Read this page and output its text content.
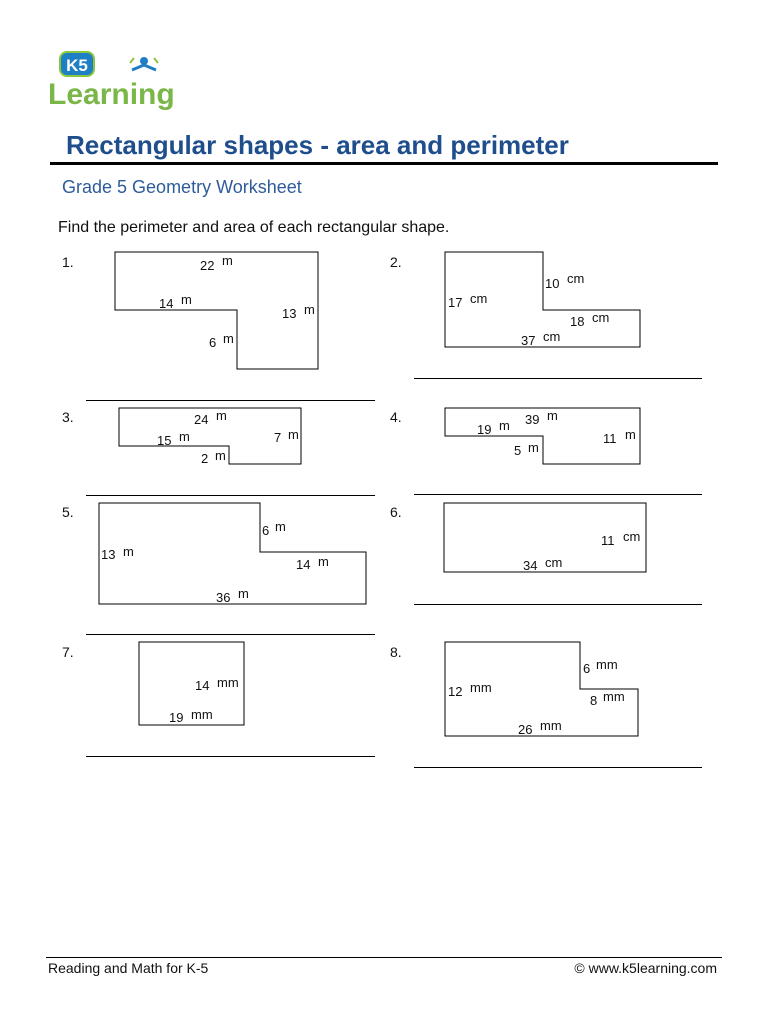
K5
Learning
Rectangular shapes - area and perimeter
Grade 5 Geometry Worksheet
Find the perimeter and area of each rectangular shape.
1.	2.
3.	4.
5.	6.
7.	8.
22 m
14 m
13 m
6 m
10 cm
17 cm
18 cm
37 cm
24 m
15 m	7 m
2 m
19 m 39 m
11 m
5 m
6 m
13 m
14 m
36 m
11 cm
34 cm
14 mm
19 mm
6 mm
12 mm
8 mm
26 mm
Reading and Math for K-5	© www.k5learning.com
